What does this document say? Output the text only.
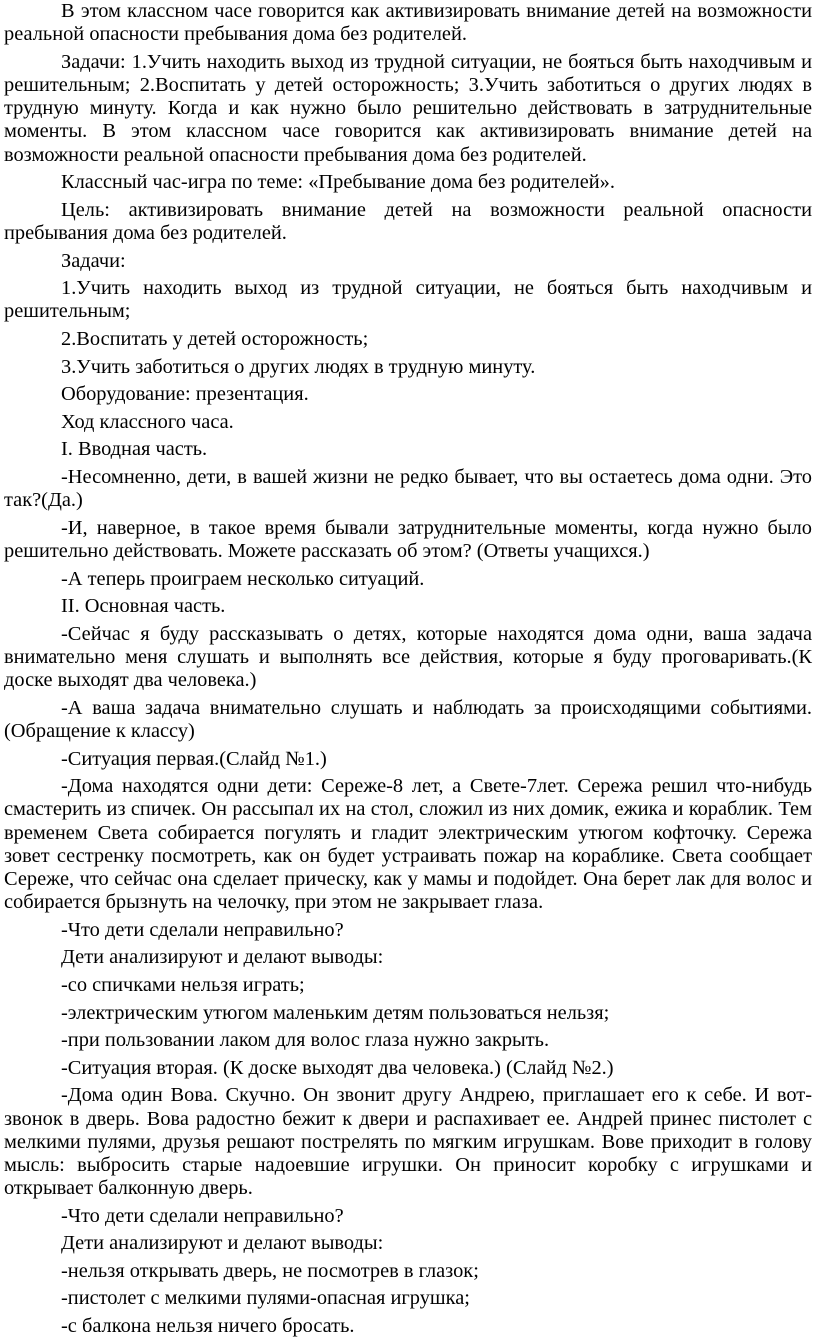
В этом классном часе говорится как активизировать внимание детей на возможности реальной опасности пребывания дома без родителей.

Задачи: 1.Учить находить выход из трудной ситуации, не бояться быть находчивым и решительным; 2.Воспитать у детей осторожность; 3.Учить заботиться о других людях в трудную минуту. Когда и как нужно было решительно действовать в затруднительные моменты. В этом классном часе говорится как активизировать внимание детей на возможности реальной опасности пребывания дома без родителей.

Классный час-игра по теме: «Пребывание дома без родителей».

Цель: активизировать внимание детей на возможности реальной опасности пребывания дома без родителей.

Задачи:

1.Учить находить выход из трудной ситуации, не бояться быть находчивым и решительным;

2.Воспитать у детей осторожность;

3.Учить заботиться о других людях в трудную минуту.

Оборудование: презентация.

Ход классного часа.

I. Вводная часть.

-Несомненно, дети, в вашей жизни не редко бывает, что вы остаетесь дома одни. Это так?(Да.)

-И, наверное, в такое время бывали затруднительные моменты, когда нужно было решительно действовать. Можете рассказать об этом? (Ответы учащихся.)

-А теперь проиграем несколько ситуаций.

II. Основная часть.

-Сейчас я буду рассказывать о детях, которые находятся дома одни, ваша задача внимательно меня слушать и выполнять все действия, которые я буду проговаривать.(К доске выходят два человека.)

-А ваша задача внимательно слушать и наблюдать за происходящими событиями.(Обращение к классу)

-Ситуация первая.(Слайд №1.)

-Дома находятся одни дети: Сереже-8 лет, а Свете-7лет. Сережа решил что-нибудь смастерить из спичек. Он рассыпал их на стол, сложил из них домик, ежика и кораблик. Тем временем Света собирается погулять и гладит электрическим утюгом кофточку. Сережа зовет сестренку посмотреть, как он будет устраивать пожар на кораблике. Света сообщает Сереже, что сейчас она сделает прическу, как у мамы и подойдет. Она берет лак для волос и собирается брызнуть на челочку, при этом не закрывает глаза.

-Что дети сделали неправильно?

Дети анализируют и делают выводы:

-со спичками нельзя играть;

-электрическим утюгом маленьким детям пользоваться нельзя;

-при пользовании лаком для волос глаза нужно закрыть.

-Ситуация вторая. (К доске выходят два человека.) (Слайд №2.)

-Дома один Вова. Скучно. Он звонит другу Андрею, приглашает его к себе. И вот-звонок в дверь. Вова радостно бежит к двери и распахивает ее. Андрей принес пистолет с мелкими пулями, друзья решают пострелять по мягким игрушкам. Вове приходит в голову мысль: выбросить старые надоевшие игрушки. Он приносит коробку с игрушками и открывает балконную дверь.

-Что дети сделали неправильно?

Дети анализируют и делают выводы:

-нельзя открывать дверь, не посмотрев в глазок;

-пистолет с мелкими пулями-опасная игрушка;

-с балкона нельзя ничего бросать.
